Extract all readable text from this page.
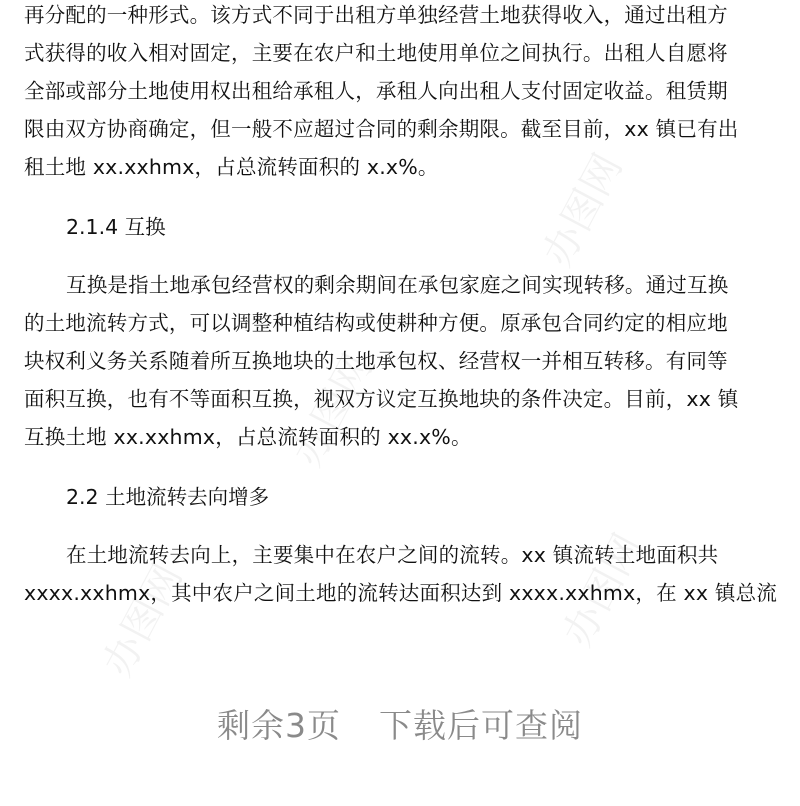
办图网
办图网
办图网
办图网
再分配的一种形式。该方式不同于出租方单独经营土地获得收入，通过出租方
式获得的收入相对固定，主要在农户和土地使用单位之间执行。出租人自愿将
全部或部分土地使用权出租给承租人，承租人向出租人支付固定收益。租赁期
限由双方协商确定，但一般不应超过合同的剩余期限。截至目前，xx 镇已有出
租土地 xx.xxhmx，占总流转面积的 x.x%。
2.1.4 互换
互换是指土地承包经营权的剩余期间在承包家庭之间实现转移。通过互换
的土地流转方式，可以调整种植结构或使耕种方便。原承包合同约定的相应地
块权利义务关系随着所互换地块的土地承包权、经营权一并相互转移。有同等
面积互换，也有不等面积互换，视双方议定互换地块的条件决定。目前，xx 镇
互换土地 xx.xxhmx，占总流转面积的 xx.x%。
2.2 土地流转去向增多
在土地流转去向上，主要集中在农户之间的流转。xx 镇流转土地面积共
xxxx.xxhmx，其中农户之间土地的流转达面积达到 xxxx.xxhmx，在 xx 镇总流
剩余3页 下载后可查阅
